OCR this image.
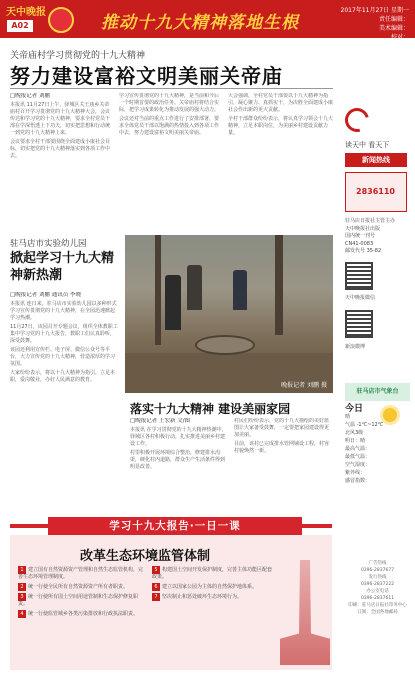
天中晚报
A02	推动十九大精神落地生根
2017年11月27日 星期一
责任编辑：
美术编辑：
校对：
关帝庙村学习贯彻党的十九大精神
努力建设富裕文明美丽关帝庙
□晚报记者 刘鹏

本报讯 11月27日上午，驿城区关王庙乡关帝庙村召开学习贯彻党的十九大精神大会，会议传达和学习党的十九大精神，要求全村党员干部在学深悟透上下功夫，切实把思想和行动统一到党的十九大精神上来。

会议要求全村干部要围绕全面建成小康社会目标，切实把党的十九大精神落实到各项工作中去。

学习宣传贯彻党的十九大精神，是当前和今后一个时期首要的政治任务。关帝庙村将结合实际，把学习成果转化为推动发展的强大动力。

会议还对当前的重点工作进行了安排部署，要求全体党员干部以饱满的热情投入到各项工作中去，努力建设富裕文明美丽关帝庙。

大会强调，全村党员干部要以十九大精神为指引，凝心聚力、真抓实干，为决胜全面建成小康社会作出新的更大贡献。

全村干部群众纷纷表示，将认真学习领会十九大精神，立足本职岗位，为美丽乡村建设贡献力量。

驻马店市实验幼儿园
掀起学习十九大精神新热潮
□晚报记者 刘鹏 通讯员 李晓

本报讯 连日来，驻马店市实验幼儿园以多种形式学习宣传贯彻党的十九大精神，在全园迅速掀起学习热潮。

11月27日，该园召开专题会议，组织全体教职工集中学习党的十九大报告，教职工们认真聆听，深受鼓舞。

该园还利用宣传栏、电子屏、微信公众号等平台，大力宣传党的十九大精神，营造浓厚的学习氛围。

大家纷纷表示，将以十九大精神为指引，立足本职，爱岗敬业，办好人民满意的教育。

晚报记者 刘鹏 摄
落实十九大精神 建设美丽家园
□晚报记者 王宏新 文/图

本报讯 在学习贯彻党的十九大精神热潮中，驿城区各村积极行动，扎实推进美丽乡村建设工作。

村里积极开展环境综合整治，修建排水沟渠，硬化村内道路，群众生产生活条件得到明显改善。

村民们纷纷表示，党的十九大描绘的美好蓝图让大家备受鼓舞，一定要把家园建设得更加美丽。

目前，该村已完成排水管网铺设工程，村容村貌焕然一新。

读天中 看天下
新闻热线
2836110
驻马店日报社主管主办
天中晚报社出版
国内统一刊号
CN41-0083
邮发代号 35-82
天中晚报微信
新浪微博
驻马店市气象台
今日
晴
气温 -1℃~12℃
北风3级
明日：晴
最高气温：
最低气温：
空气湿度：
紫外线：
感冒指数：
学习十九大报告·一日一课
改革生态环境监管体制

1 建立国有自然资源资产管理和自然生态监管机构，完善生态环境管理制度。

2 统一行使全民所有自然资源资产所有者职责。

3 统一行使所有国土空间用途管制和生态保护修复职责。

4 统一行使监管城乡各类污染排放和行政执法职责。

5 构建国土空间开发保护制度，完善主体功能区配套政策。

6 建立以国家公园为主体的自然保护地体系。

7 坚决制止和惩处破坏生态环境行为。

广告热线
0396-2837677
发行热线
0396-2837222
办公室电话
0396-2837611
印刷：驻马店日报社印务中心
订阅：全国各地邮局
